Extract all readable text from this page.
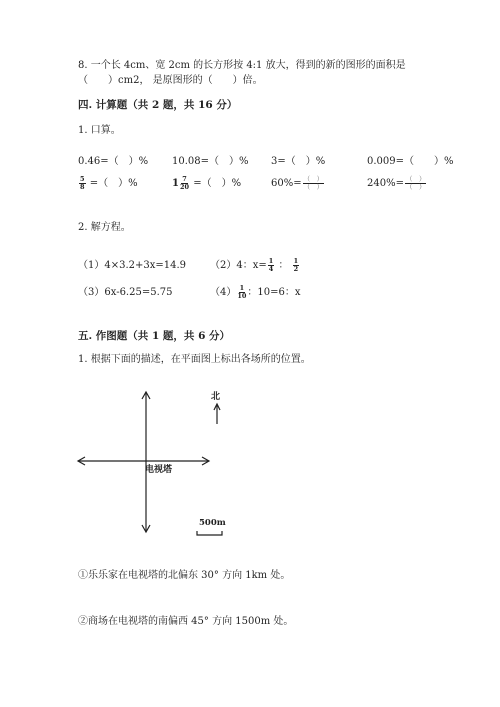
8. 一个长 4cm、宽 2cm 的长方形按 4:1 放大，得到的新的图形的面积是
（　　）cm2， 是原图形的（　　）倍。
四. 计算题（共 2 题，共 16 分）
1. 口算。
0.46=（　）% 10.08=（　）% 3=（　）%	0.009=（　　）%
$\frac{5}{8}$ =（　）%	$1 \frac{7}{20}$ =（　）%	$60\%= \frac{( )}{( )}$	$240\%= \frac{( )}{( )}$
2. 解方程。
（1）4×3.2+3x=14.9 （2）4：$x= \frac{1}{4}$ ： $\frac{1}{2}$
（3）6x-6.25=5.75	$(4) \frac{1}{10}$ ：10=6：x
五. 作图题（共 1 题，共 6 分）
1. 根据下面的描述，在平面图上标出各场所的位置。
电视塔
北
500m
①乐乐家在电视塔的北偏东 30° 方向 1km 处。
②商场在电视塔的南偏西 45° 方向 1500m 处。
